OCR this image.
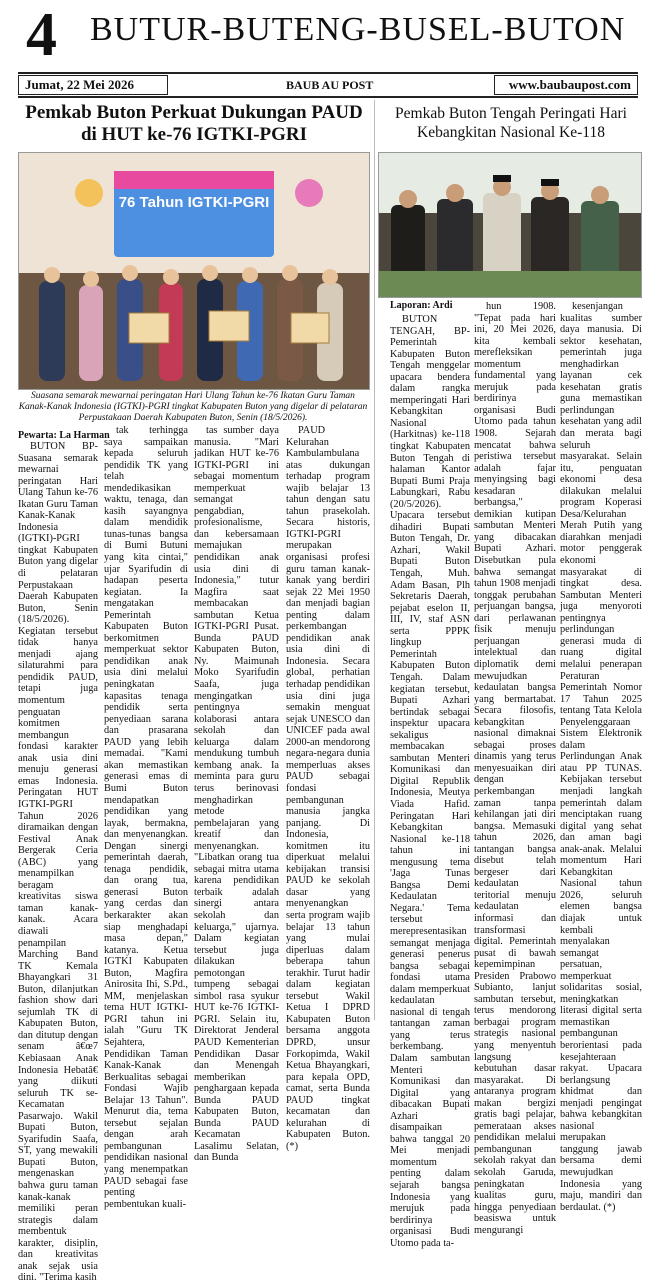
4 BUTUR-BUTENG-BUSEL-BUTON
Jumat, 22 Mei 2026	BAUB AU POST	www.baubaupost.com
Pemkab Buton Perkuat Dukungan PAUD di HUT ke-76 IGTKI-PGRI
Pemkab Buton Tengah Peringati Hari Kebangkitan Nasional Ke-118
76 Tahun IGTKI-PGRI
Suasana semarak mewarnai peringatan Hari Ulang Tahun ke-76 Ikatan Guru Taman Kanak-Kanak Indonesia (IGTKI)-PGRI tingkat Kabupaten Buton yang digelar di pelataran Perpustakaan Daerah Kabupaten Buton, Senin (18/5/2026).
Pewarta: La Harman
Laporan: Ardi

BUTON BP-Suasana semarak mewarnai peringatan Hari Ulang Tahun ke-76 Ikatan Guru Taman Kanak-Kanak Indonesia (IGTKI)-PGRI tingkat Kabupaten Buton yang digelar di pelataran Perpustakaan Daerah Kabupaten Buton, Senin (18/5/2026). Kegiatan tersebut tidak hanya menjadi ajang silaturahmi para pendidik PAUD, tetapi juga momentum penguatan komitmen membangun fondasi karakter anak usia dini menuju generasi emas Indonesia. Peringatan HUT IGTKI-PGRI Tahun 2026 diramaikan dengan Festival Anak Bergerak Ceria (ABC) yang menampilkan beragam kreativitas siswa taman kanak-kanak. Acara diawali penampilan Marching Band TK Kemala Bhayangkari 31 Buton, dilanjutkan fashion show dari sejumlah TK di Kabupaten Buton, dan ditutup dengan senam â€œ7 Kebiasaan Anak Indonesia Hebatâ€ yang diikuti seluruh TK se-Kecamatan Pasarwajo. Wakil Bupati Buton, Syarifudin Saafa, ST, yang mewakili Bupati Buton, mengenaskan bahwa guru taman kanak-kanak memiliki peran strategis dalam membentuk karakter, disiplin, dan kreativitas anak sejak usia dini. "Terima kasih

tak terhingga saya sampaikan kepada seluruh pendidik TK yang telah mendedikasikan waktu, tenaga, dan kasih sayangnya dalam mendidik tunas-tunas bangsa di Bumi Butuni yang kita cintai," ujar Syarifudin di hadapan peserta kegiatan. Ia mengatakan Pemerintah Kabupaten Buton berkomitmen memperkuat sektor pendidikan anak usia dini melalui peningkatan kapasitas tenaga pendidik serta penyediaan sarana dan prasarana PAUD yang lebih memadai. "Kami akan memastikan generasi emas di Bumi Buton mendapatkan pendidikan yang layak, bermakna, dan menyenangkan. Dengan sinergi pemerintah daerah, tenaga pendidik, dan orang tua, generasi Buton yang cerdas dan berkarakter akan siap menghadapi masa depan," katanya. Ketua IGTKI Kabupaten Buton, Magfira Anirosita Ihi, S.Pd., MM, menjelaskan tema HUT IGTKI-PGRI tahun ini ialah "Guru TK Sejahtera, Pendidikan Taman Kanak-Kanak Berkualitas sebagai Fondasi Wajib Belajar 13 Tahun". Menurut dia, tema tersebut sejalan dengan arah pembangunan pendidikan nasional yang menempatkan PAUD sebagai fase penting pembentukan kuali-

tas sumber daya manusia. "Mari jadikan HUT ke-76 IGTKI-PGRI ini sebagai momentum memperkuat semangat pengabdian, profesionalisme, dan kebersamaan memajukan pendidikan anak usia dini di Indonesia," tutur Magfira saat membacakan sambutan Ketua IGTKI-PGRI Pusat. Bunda PAUD Kabupaten Buton, Ny. Maimunah Moko Syarifudin Saafa, juga mengingatkan pentingnya kolaborasi antara sekolah dan keluarga dalam mendukung tumbuh kembang anak. Ia meminta para guru terus berinovasi menghadirkan metode pembelajaran yang kreatif dan menyenangkan. "Libatkan orang tua sebagai mitra utama karena pendidikan terbaik adalah sinergi antara sekolah dan keluarga," ujarnya. Dalam kegiatan tersebut juga dilakukan pemotongan tumpeng sebagai simbol rasa syukur HUT ke-76 IGTKI-PGRI. Selain itu, Direktorat Jenderal PAUD Kementerian Pendidikan Dasar dan Menengah memberikan penghargaan kepada Bunda PAUD Kabupaten Buton, Bunda PAUD Kecamatan Lasalimu Selatan, dan Bunda

PAUD Kelurahan Kambulambulana atas dukungan terhadap program wajib belajar 13 tahun dengan satu tahun prasekolah. Secara historis, IGTKI-PGRI merupakan organisasi profesi guru taman kanak-kanak yang berdiri sejak 22 Mei 1950 dan menjadi bagian penting dalam perkembangan pendidikan anak usia dini di Indonesia. Secara global, perhatian terhadap pendidikan usia dini juga semakin menguat sejak UNESCO dan UNICEF pada awal 2000-an mendorong negara-negara dunia memperluas akses PAUD sebagai fondasi pembangunan manusia jangka panjang. Di Indonesia, komitmen itu diperkuat melalui kebijakan transisi PAUD ke sekolah dasar yang menyenangkan serta program wajib belajar 13 tahun yang mulai diperluas dalam beberapa tahun terakhir. Turut hadir dalam kegiatan tersebut Wakil Ketua I DPRD Kabupaten Buton bersama anggota DPRD, unsur Forkopimda, Wakil Ketua Bhayangkari, para kepala OPD, camat, serta Bunda PAUD tingkat kecamatan dan kelurahan di Kabupaten Buton. (*)

BUTON TENGAH, BP- Pemerintah Kabupaten Buton Tengah menggelar upacara bendera dalam rangka memperingati Hari Kebangkitan Nasional (Harkitnas) ke-118 tingkat Kabupaten Buton Tengah di halaman Kantor Bupati Bumi Praja Labungkari, Rabu (20/5/2026). Upacara tersebut dihadiri Bupati Buton Tengah, Dr. Azhari, Wakil Bupati Buton Tengah, Muh. Adam Basan, Plh Sekretaris Daerah, pejabat eselon II, III, IV, staf ASN serta PPPK lingkup Pemerintah Kabupaten Buton Tengah. Dalam kegiatan tersebut, Bupati Azhari bertindak sebagai inspektur upacara sekaligus membacakan sambutan Menteri Komunikasi dan Digital Republik Indonesia, Meutya Viada Hafid. Peringatan Hari Kebangkitan Nasional ke-118 tahun ini mengusung tema 'Jaga Tunas Bangsa Demi Kedaulatan Negara.' Tema tersebut merepresentasikan semangat menjaga generasi penerus bangsa sebagai fondasi utama dalam memperkuat kedaulatan nasional di tengah tantangan zaman yang terus berkembang. Dalam sambutan Menteri Komunikasi dan Digital yang dibacakan Bupati Azhari disampaikan bahwa tanggal 20 Mei menjadi momentum penting dalam sejarah bangsa Indonesia yang merujuk pada berdirinya organisasi Budi Utomo pada ta-

hun 1908. "Tepat pada hari ini, 20 Mei 2026, kita kembali merefleksikan momentum fundamental yang merujuk pada berdirinya organisasi Budi Utomo pada tahun 1908. Sejarah mencatat bahwa peristiwa tersebut adalah fajar menyingsing bagi kesadaran berbangsa," demikian kutipan sambutan Menteri yang dibacakan Bupati Azhari. Disebutkan pula bahwa semangat tahun 1908 menjadi tonggak perubahan perjuangan bangsa, dari perlawanan fisik menuju perjuangan intelektual dan diplomatik demi mewujudkan kedaulatan bangsa yang bermartabat. Secara filosofis, kebangkitan nasional dimaknai sebagai proses dinamis yang terus menyesuaikan diri dengan perkembangan zaman tanpa kehilangan jati diri bangsa. Memasuki tahun 2026, tantangan bangsa disebut telah bergeser dari kedaulatan teritorial menuju kedaulatan informasi dan transformasi digital. Pemerintah pusat di bawah kepemimpinan Presiden Prabowo Subianto, lanjut sambutan tersebut, terus mendorong berbagai program strategis nasional yang menyentuh langsung kebutuhan dasar masyarakat. Di antaranya program makan bergizi gratis bagi pelajar, pemerataan akses pendidikan melalui pembangunan sekolah rakyat dan sekolah Garuda, peningkatan kualitas guru, hingga penyediaan beasiswa untuk mengurangi

kesenjangan kualitas sumber daya manusia. Di sektor kesehatan, pemerintah juga menghadirkan layanan cek kesehatan gratis guna memastikan perlindungan kesehatan yang adil dan merata bagi seluruh masyarakat. Selain itu, penguatan ekonomi desa dilakukan melalui program Koperasi Desa/Kelurahan Merah Putih yang diarahkan menjadi motor penggerak ekonomi masyarakat di tingkat desa. Sambutan Menteri juga menyoroti pentingnya perlindungan generasi muda di ruang digital melalui penerapan Peraturan Pemerintah Nomor 17 Tahun 2025 tentang Tata Kelola Penyelenggaraan Sistem Elektronik dalam Perlindungan Anak atau PP TUNAS. Kebijakan tersebut menjadi langkah pemerintah dalam menciptakan ruang digital yang sehat dan aman bagi anak-anak. Melalui momentum Hari Kebangkitan Nasional tahun 2026, seluruh elemen bangsa diajak untuk kembali menyalakan semangat persatuan, memperkuat solidaritas sosial, meningkatkan literasi digital serta memastikan pembangunan berorientasi pada kesejahteraan rakyat. Upacara berlangsung khidmat dan menjadi pengingat bahwa kebangkitan nasional merupakan tanggung jawab bersama demi mewujudkan Indonesia yang maju, mandiri dan berdaulat. (*)
